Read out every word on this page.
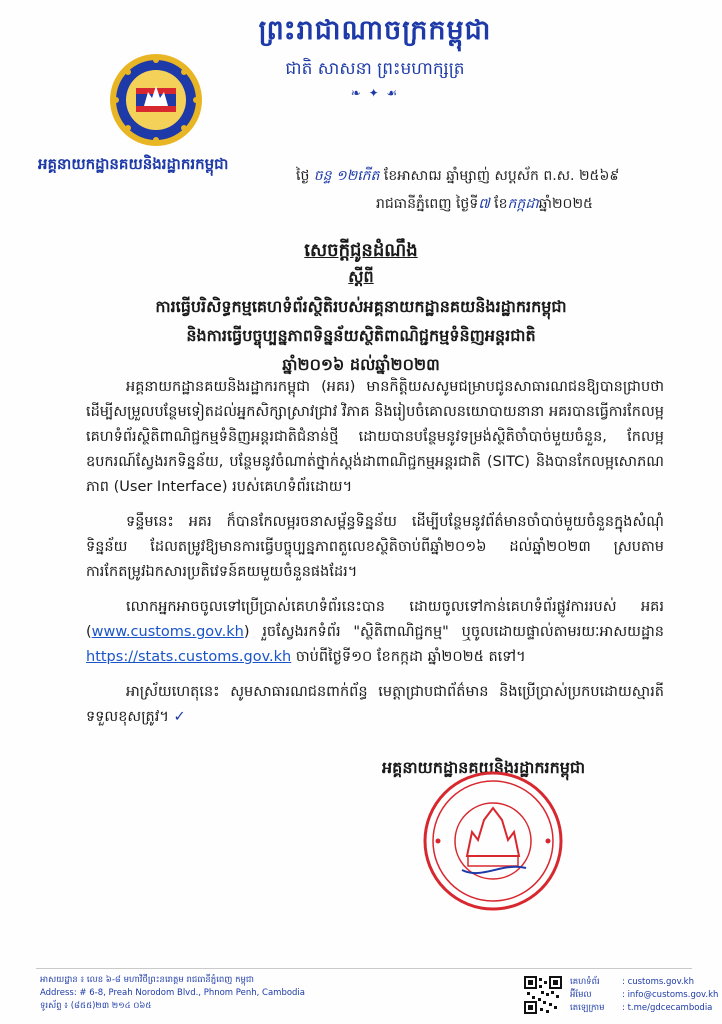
ព្រះរាជាណាចក្រកម្ពុជា
ជាតិ សាសនា ព្រះមហាក្សត្រ
❧ ✦ ☙
អគ្គនាយកដ្ឋានគយនិងរដ្ឋាករកម្ពុជា
ថ្ងៃ ចន្ទ ១២កើត ខែអាសាឍ ឆ្នាំម្សាញ់ សប្តស័ក ព.ស. ២៥៦៩
រាជធានីភ្នំពេញ ថ្ងៃទី៧ ខែកក្កដាឆ្នាំ២០២៥
សេចក្ដីជូនដំណឹង
ស្ដីពី
ការធ្វើបរិសិទ្ធកម្មគេហទំព័រស្ថិតិរបស់អគ្គនាយកដ្ឋានគយនិងរដ្ឋាករកម្ពុជា
និងការធ្វើបច្ចុប្បន្នភាពទិន្នន័យស្ថិតិពាណិជ្ជកម្មទំនិញអន្តរជាតិ
ឆ្នាំ២០១៦ ដល់ឆ្នាំ២០២៣

អគ្គនាយកដ្ឋានគយនិងរដ្ឋាករកម្ពុជា (អគរ) មានកិត្តិយសសូមជម្រាបជូនសាធារណជនឱ្យបានជ្រាបថា ដើម្បីសម្រួលបន្ថែមទៀតដល់អ្នកសិក្សាស្រាវជ្រាវ វិភាគ និងរៀបចំគោលនយោបាយនានា អគរបានធ្វើការកែលម្អគេហទំព័រស្ថិតិពាណិជ្ជកម្មទំនិញអន្តរជាតិជំនាន់ថ្មី ដោយបានបន្ថែមនូវទម្រង់ស្ថិតិចាំបាច់មួយចំនួន, កែលម្អឧបករណ៍ស្វែងរកទិន្នន័យ, បន្ថែមនូវចំណាត់ថ្នាក់ស្តង់ដាពាណិជ្ជកម្មអន្តរជាតិ (SITC) និងបានកែលម្អសោភណភាព (User Interface) របស់គេហទំព័រដោយ។

ទន្ទឹមនេះ អគរ ក៏បានកែលម្អរចនាសម្ព័ន្ធទិន្នន័យ ដើម្បីបន្ថែមនូវព័ត៌មានចាំបាច់មួយចំនួនក្នុងសំណុំទិន្នន័យ ដែលតម្រូវឱ្យមានការធ្វើបច្ចុប្បន្នភាពតួលេខស្ថិតិចាប់ពីឆ្នាំ២០១៦ ដល់ឆ្នាំ២០២៣ ស្របតាមការកែតម្រូវឯកសារប្រតិវេទន៍គយមួយចំនួនផងដែរ។

លោកអ្នកអាចចូលទៅប្រើប្រាស់គេហទំព័រនេះបាន ដោយចូលទៅកាន់គេហទំព័រផ្លូវការរបស់ អគរ (www.customs.gov.kh) រួចស្វែងរកទំព័រ "ស្ថិតិពាណិជ្ជកម្ម" ឬចូលដោយផ្ទាល់តាមរយៈអាសយដ្ឋាន https://stats.customs.gov.kh ចាប់ពីថ្ងៃទី១០ ខែកក្កដា ឆ្នាំ២០២៥ តទៅ។

អាស្រ័យហេតុនេះ សូមសាធារណជនពាក់ព័ន្ធ មេត្តាជ្រាបជាព័ត៌មាន និងប្រើប្រាស់ប្រកបដោយស្មារតីទទួលខុសត្រូវ។ ✓

អគ្គនាយកដ្ឋានគយនិងរដ្ឋាករកម្ពុជា
អាសយដ្ឋាន ៖ លេខ ៦-៨ មហាវិថីព្រះនរោត្តម រាជធានីភ្នំពេញ កម្ពុជា
Address: # 6-8, Preah Norodom Blvd., Phnom Penh, Cambodia
ទូរស័ព្ទ ៖ (៨៥៥)២៣ ២១៤ ០៦៥
គេហទំព័រ	: customs.gov.kh
អ៊ីមែល	: info@customs.gov.kh
តេឡេក្រាម	: t.me/gdcecambodia
